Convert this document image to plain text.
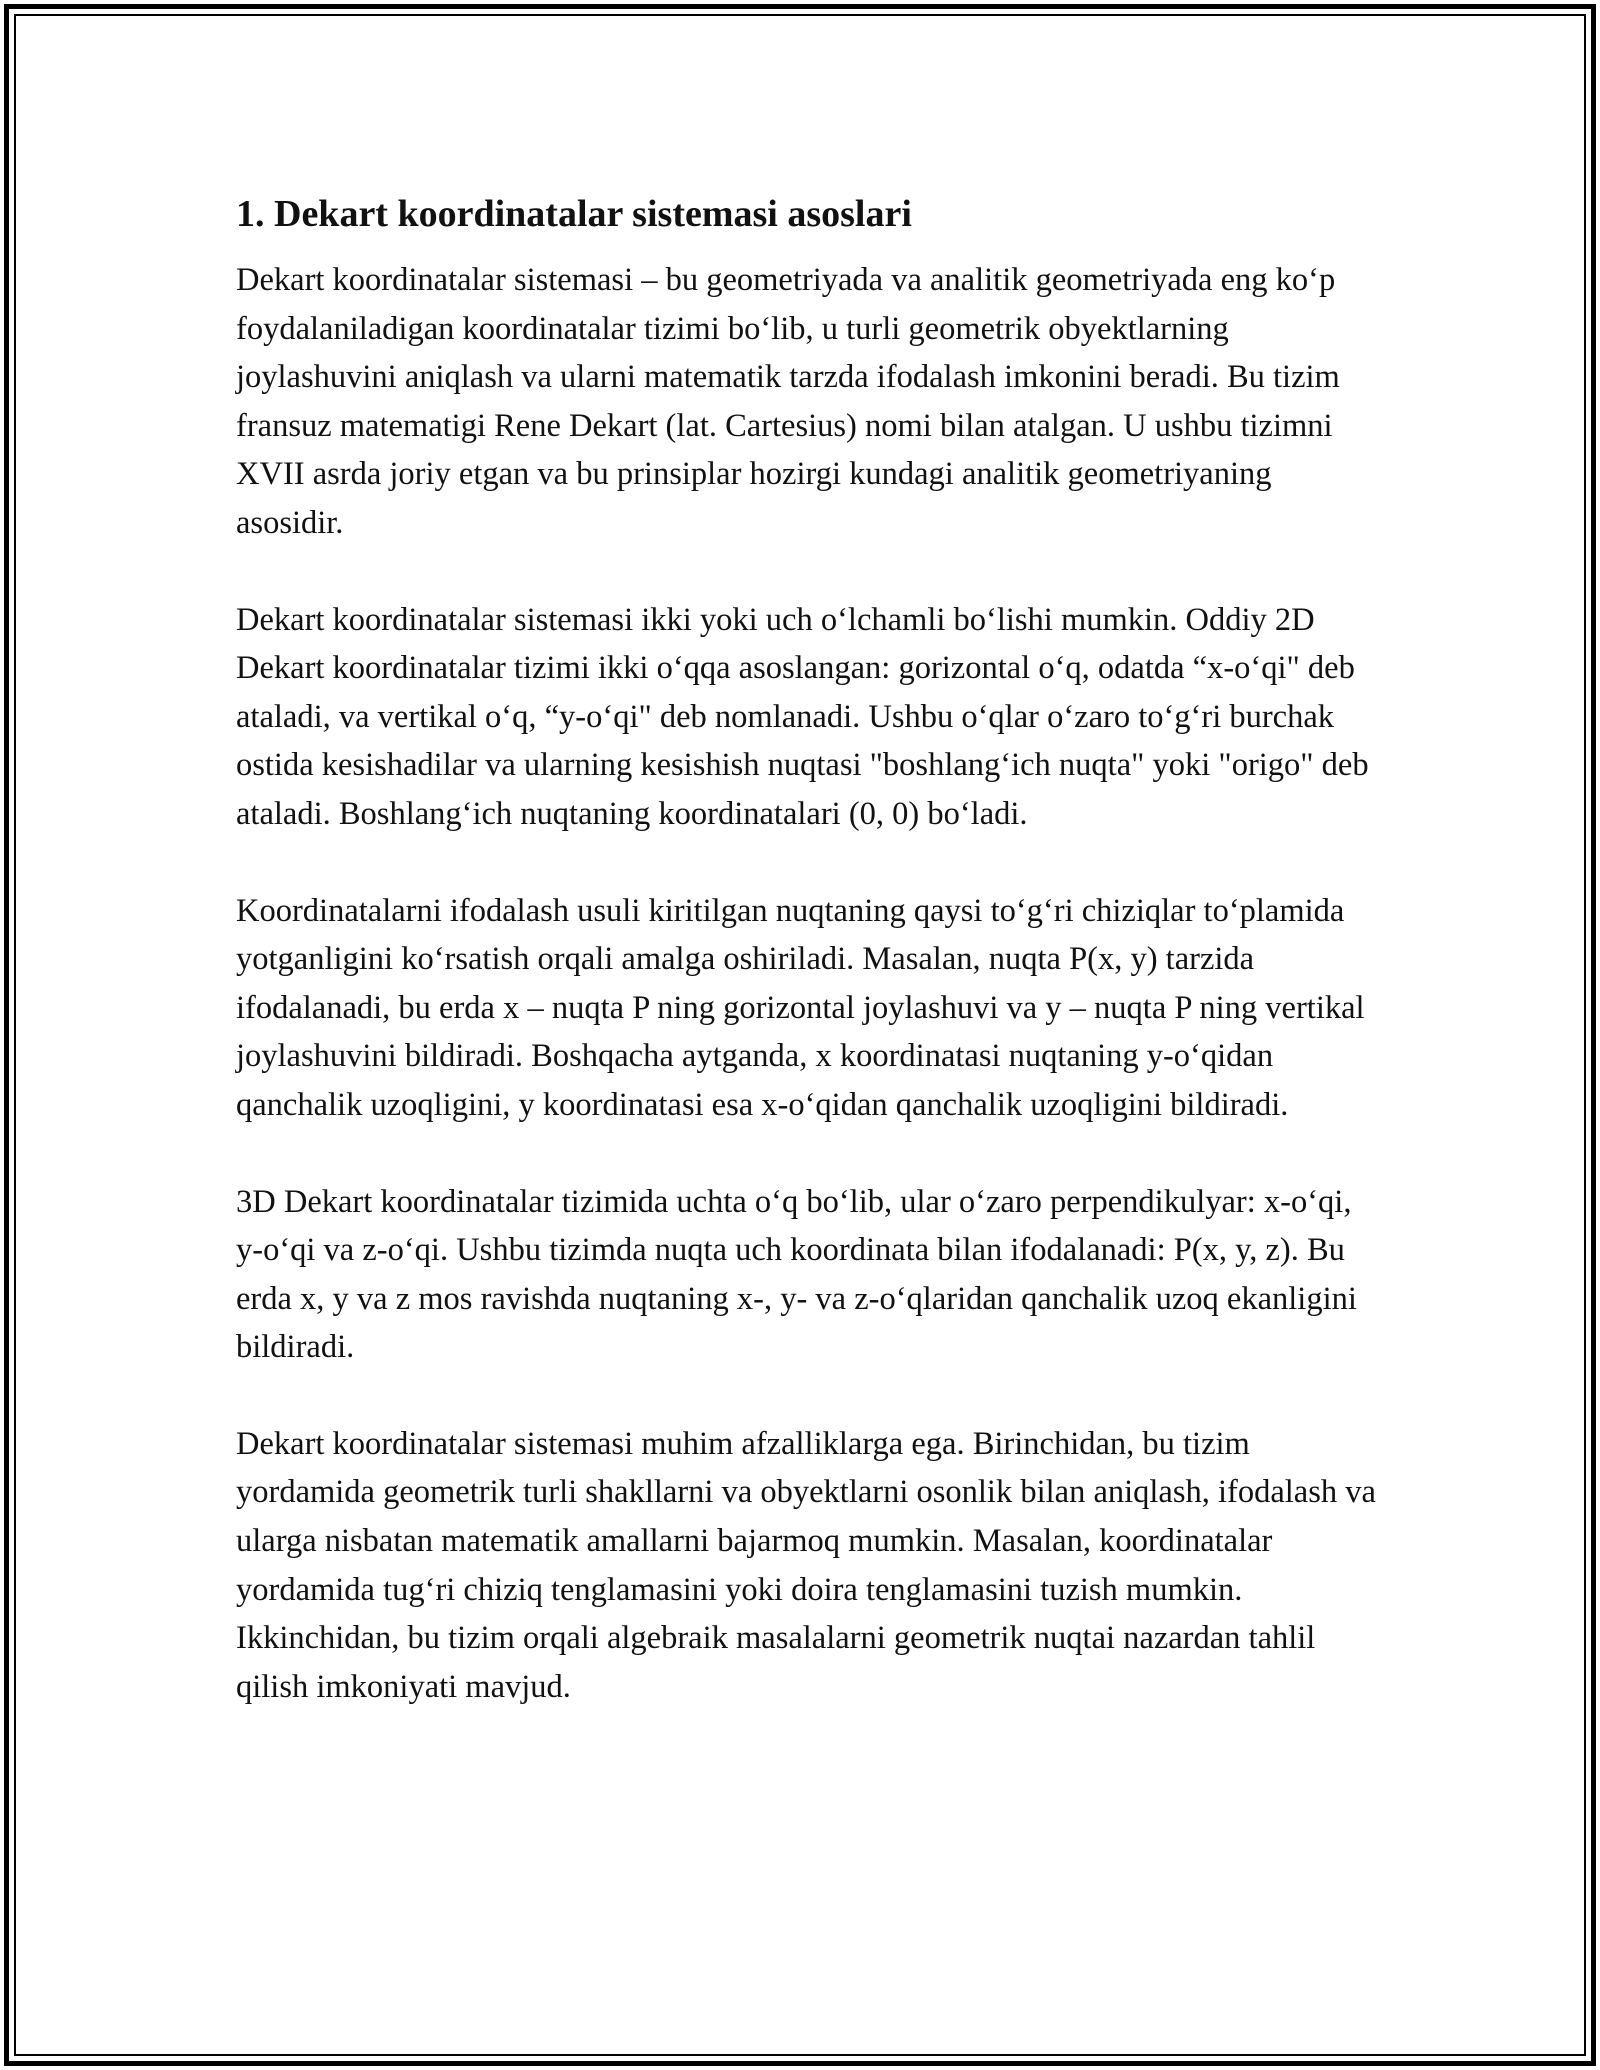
1. Dekart koordinatalar sistemasi asoslari

Dekart koordinatalar sistemasi – bu geometriyada va analitik geometriyada eng ko‘p foydalaniladigan koordinatalar tizimi bo‘lib, u turli geometrik obyektlarning joylashuvini aniqlash va ularni matematik tarzda ifodalash imkonini beradi. Bu tizim fransuz matematigi Rene Dekart (lat. Cartesius) nomi bilan atalgan. U ushbu tizimni XVII asrda joriy etgan va bu prinsiplar hozirgi kundagi analitik geometriyaning asosidir.

Dekart koordinatalar sistemasi ikki yoki uch o‘lchamli bo‘lishi mumkin. Oddiy 2D Dekart koordinatalar tizimi ikki o‘qqa asoslangan: gorizontal o‘q, odatda “x-o‘qi" deb ataladi, va vertikal o‘q, “y-o‘qi" deb nomlanadi. Ushbu o‘qlar o‘zaro to‘g‘ri burchak ostida kesishadilar va ularning kesishish nuqtasi "boshlang‘ich nuqta" yoki "origo" deb ataladi. Boshlang‘ich nuqtaning koordinatalari (0, 0) bo‘ladi.

Koordinatalarni ifodalash usuli kiritilgan nuqtaning qaysi to‘g‘ri chiziqlar to‘plamida yotganligini ko‘rsatish orqali amalga oshiriladi. Masalan, nuqta P(x, y) tarzida ifodalanadi, bu erda x – nuqta P ning gorizontal joylashuvi va y – nuqta P ning vertikal joylashuvini bildiradi. Boshqacha aytganda, x koordinatasi nuqtaning y-o‘qidan qanchalik uzoqligini, y koordinatasi esa x-o‘qidan qanchalik uzoqligini bildiradi.

3D Dekart koordinatalar tizimida uchta o‘q bo‘lib, ular o‘zaro perpendikulyar: x-o‘qi, y-o‘qi va z-o‘qi. Ushbu tizimda nuqta uch koordinata bilan ifodalanadi: P(x, y, z). Bu erda x, y va z mos ravishda nuqtaning x-, y- va z-o‘qlaridan qanchalik uzoq ekanligini bildiradi.

Dekart koordinatalar sistemasi muhim afzalliklarga ega. Birinchidan, bu tizim yordamida geometrik turli shakllarni va obyektlarni osonlik bilan aniqlash, ifodalash va ularga nisbatan matematik amallarni bajarmoq mumkin. Masalan, koordinatalar yordamida tug‘ri chiziq tenglamasini yoki doira tenglamasini tuzish mumkin. Ikkinchidan, bu tizim orqali algebraik masalalarni geometrik nuqtai nazardan tahlil qilish imkoniyati mavjud.
